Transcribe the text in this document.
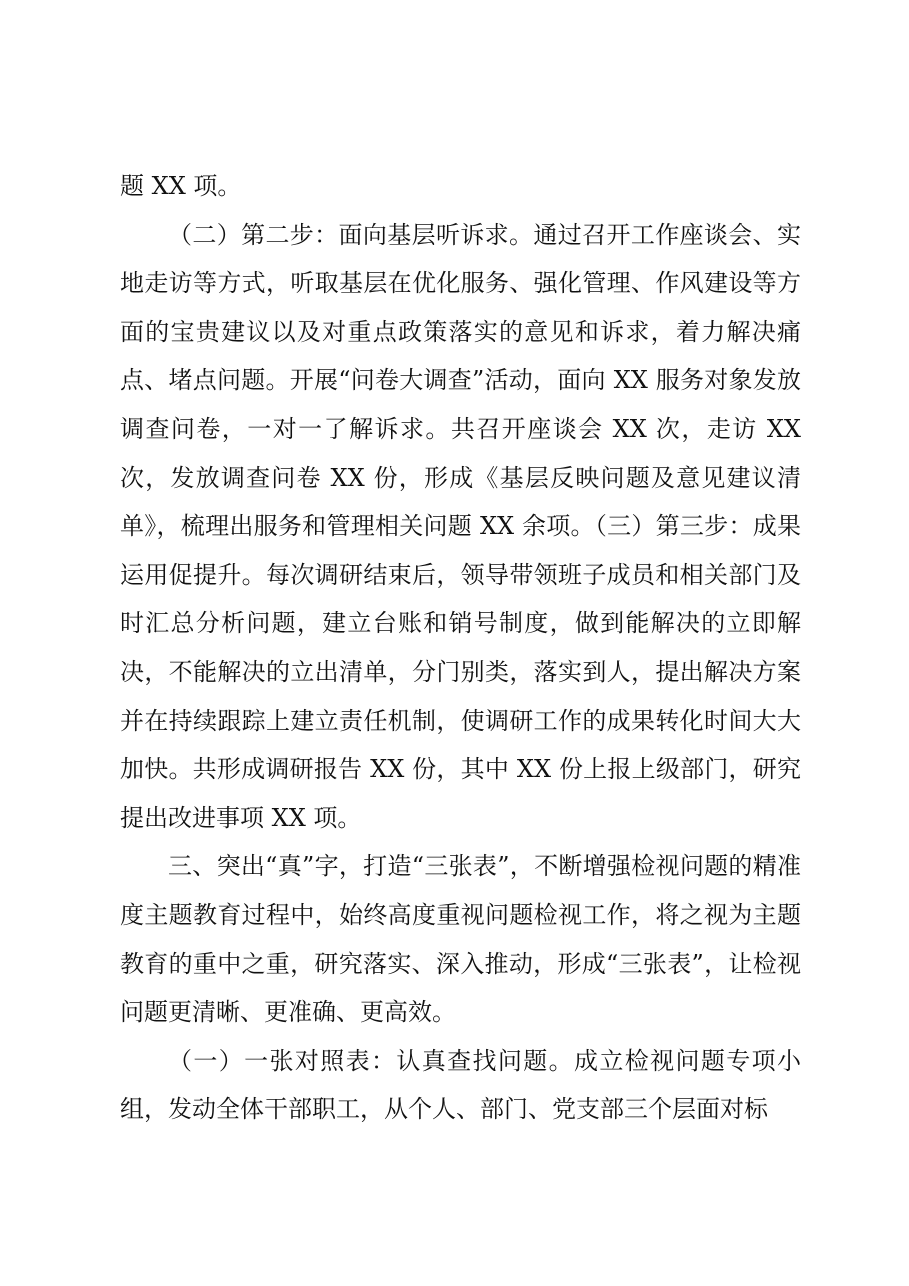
题 XX 项。

（二）第二步：面向基层听诉求。通过召开工作座谈会、实地走访等方式，听取基层在优化服务、强化管理、作风建设等方面的宝贵建议以及对重点政策落实的意见和诉求，着力解决痛点、堵点问题。开展“问卷大调查”活动，面向 XX 服务对象发放调查问卷，一对一了解诉求。共召开座谈会 XX 次，走访 XX 次，发放调查问卷 XX 份，形成《基层反映问题及意见建议清单》，梳理出服务和管理相关问题 XX 余项。（三）第三步：成果运用促提升。每次调研结束后，领导带领班子成员和相关部门及时汇总分析问题，建立台账和销号制度，做到能解决的立即解决，不能解决的立出清单，分门别类，落实到人，提出解决方案并在持续跟踪上建立责任机制，使调研工作的成果转化时间大大加快。共形成调研报告 XX 份，其中 XX 份上报上级部门，研究提出改进事项 XX 项。

三、突出“真”字，打造“三张表”，不断增强检视问题的精准度主题教育过程中，始终高度重视问题检视工作，将之视为主题教育的重中之重，研究落实、深入推动，形成“三张表”，让检视问题更清晰、更准确、更高效。

（一）一张对照表：认真查找问题。成立检视问题专项小组，发动全体干部职工，从个人、部门、党支部三个层面对标
